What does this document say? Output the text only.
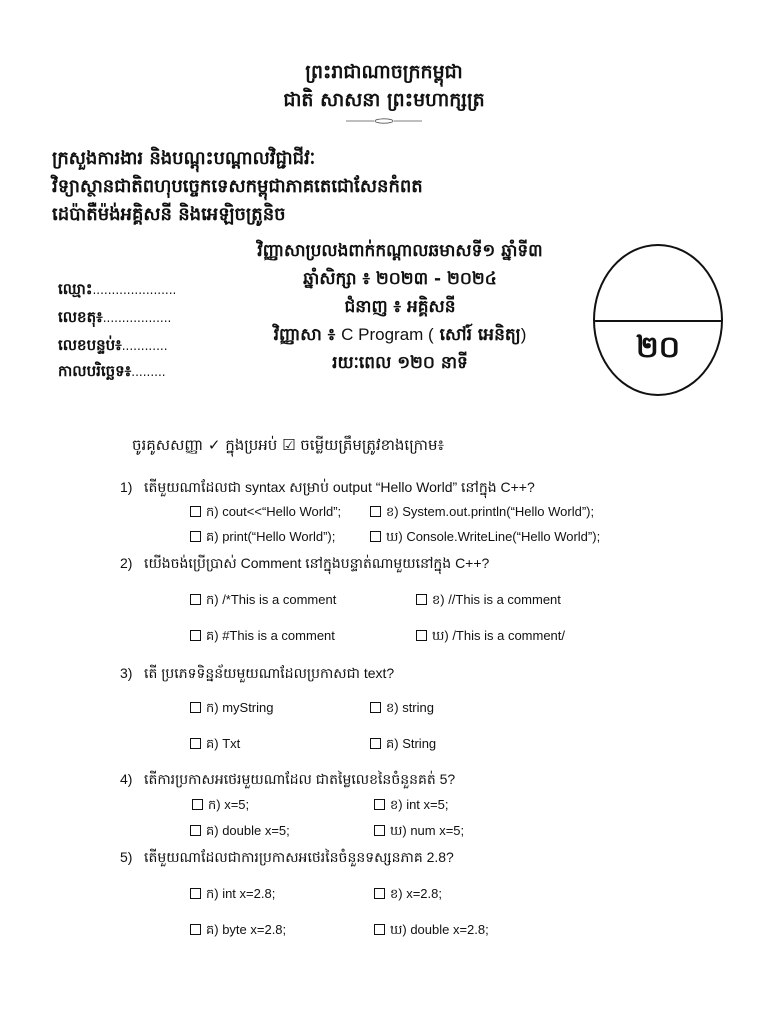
ព្រះរាជាណាចក្រកម្ពុជា
ជាតិ សាសនា ព្រះមហាក្សត្រ
ក្រសួងការងារ និងបណ្តុះបណ្តាលវិជ្ជាជីវៈ
វិទ្យាស្ថានជាតិពហុបច្ចេកទេសកម្ពុជាភាគតេជោសែនកំពត
ដេប៉ាតឺម៉ង់អគ្គិសនី និងអេឡិចត្រូនិច
វិញ្ញាសាប្រលងពាក់កណ្ដាលឆមាសទី១ ឆ្នាំទី៣
ឆ្នាំសិក្សា ៖ ២០២៣ - ២០២៤
ជំនាញ ៖ អគ្គិសនី
វិញ្ញាសា ៖ C Program ( សៅរ៍ អេនិត្យ)
រយៈពេល ១២០ នាទី
ឈ្មោះ......................
លេខតុ៖..................
លេខបន្ទប់៖............
កាលបរិច្ឆេទ៖.........
២០
ចូរគូសសញ្ញា ✓ ក្នុងប្រអប់ ☑ ចម្លើយត្រឹមត្រូវខាងក្រោម៖
1) តើមួយណាដែលជា syntax សម្រាប់ output “Hello World” នៅក្នុង C++?
ក) cout<<“Hello World”;	ខ) System.out.println(“Hello World”);
គ) print(“Hello World”);	ឃ) Console.WriteLine(“Hello World”);
2) យើងចង់ប្រើប្រាស់ Comment នៅក្នុងបន្ទាត់ណាមួយនៅក្នុង C++?
ក) /*This is a comment	ខ) //This is a comment
គ) #This is a comment	ឃ) /This is a comment/
3) តើ ប្រភេទទិន្នន័យមួយណាដែលប្រកាសជា text?
ក) myString	ខ) string
គ) Txt	គ) String
4) តើការប្រកាសអថេរមួយណាដែល ជាតម្លៃលេខនៃចំនួនគត់ 5?
ក) x=5;	ខ) int x=5;
គ) double x=5;	ឃ) num x=5;
5) តើមួយណាដែលជាការប្រកាសអថេរនៃចំនួនទស្សនភាគ 2.8?
ក) int x=2.8;	ខ) x=2.8;
គ) byte x=2.8;	ឃ) double x=2.8;
